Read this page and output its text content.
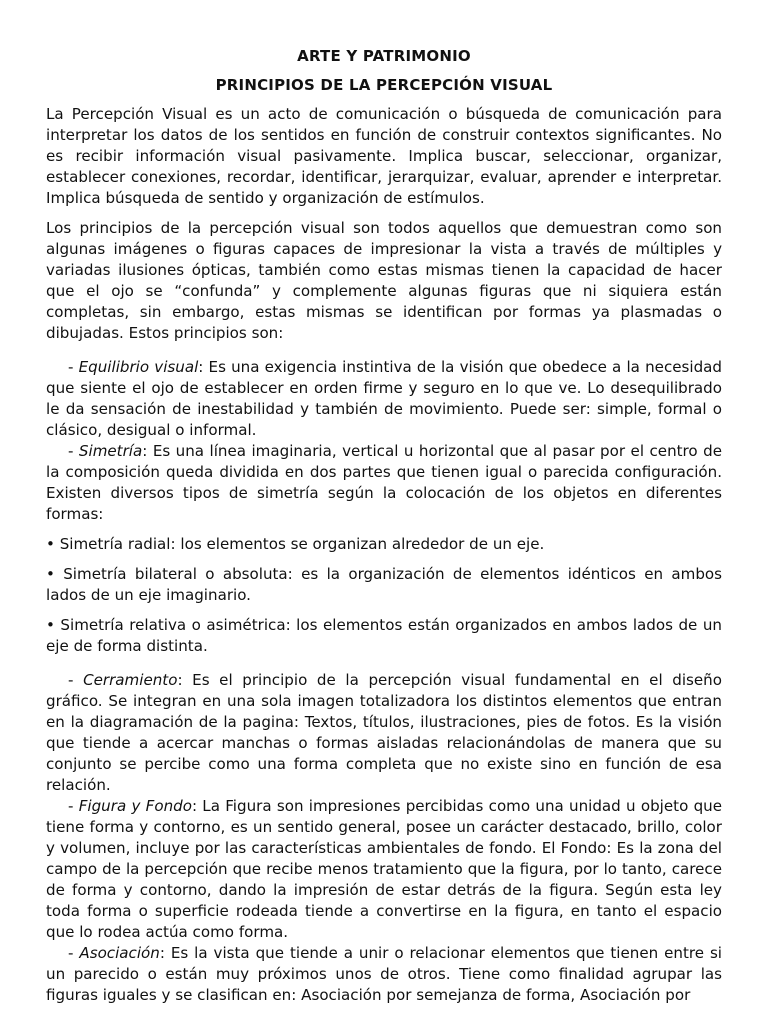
ARTE Y PATRIMONIO
PRINCIPIOS DE LA PERCEPCIÓN VISUAL

La Percepción Visual es un acto de comunicación o búsqueda de comunicación para interpretar los datos de los sentidos en función de construir contextos significantes. No es recibir información visual pasivamente. Implica buscar, seleccionar, organizar, establecer conexiones, recordar, identificar, jerarquizar, evaluar, aprender e interpretar. Implica búsqueda de sentido y organización de estímulos.

Los principios de la percepción visual son todos aquellos que demuestran como son algunas imágenes o figuras capaces de impresionar la vista a través de múltiples y variadas ilusiones ópticas, también como estas mismas tienen la capacidad de hacer que el ojo se “confunda” y complemente algunas figuras que ni siquiera están completas, sin embargo, estas mismas se identifican por formas ya plasmadas o dibujadas. Estos principios son:

- Equilibrio visual: Es una exigencia instintiva de la visión que obedece a la necesidad que siente el ojo de establecer en orden firme y seguro en lo que ve. Lo desequilibrado le da sensación de inestabilidad y también de movimiento. Puede ser: simple, formal o clásico, desigual o informal.

- Simetría: Es una línea imaginaria, vertical u horizontal que al pasar por el centro de la composición queda dividida en dos partes que tienen igual o parecida configuración. Existen diversos tipos de simetría según la colocación de los objetos en diferentes formas:

• Simetría radial: los elementos se organizan alrededor de un eje.

• Simetría bilateral o absoluta: es la organización de elementos idénticos en ambos lados de un eje imaginario.

• Simetría relativa o asimétrica: los elementos están organizados en ambos lados de un eje de forma distinta.

- Cerramiento: Es el principio de la percepción visual fundamental en el diseño gráfico. Se integran en una sola imagen totalizadora los distintos elementos que entran en la diagramación de la pagina: Textos, títulos, ilustraciones, pies de fotos. Es la visión que tiende a acercar manchas o formas aisladas relacionándolas de manera que su conjunto se percibe como una forma completa que no existe sino en función de esa relación.

- Figura y Fondo: La Figura son impresiones percibidas como una unidad u objeto que tiene forma y contorno, es un sentido general, posee un carácter destacado, brillo, color y volumen, incluye por las características ambientales de fondo. El Fondo: Es la zona del campo de la percepción que recibe menos tratamiento que la figura, por lo tanto, carece de forma y contorno, dando la impresión de estar detrás de la figura. Según esta ley toda forma o superficie rodeada tiende a convertirse en la figura, en tanto el espacio que lo rodea actúa como forma.

- Asociación: Es la vista que tiende a unir o relacionar elementos que tienen entre si un parecido o están muy próximos unos de otros. Tiene como finalidad agrupar las figuras iguales y se clasifican en: Asociación por semejanza de forma, Asociación por
